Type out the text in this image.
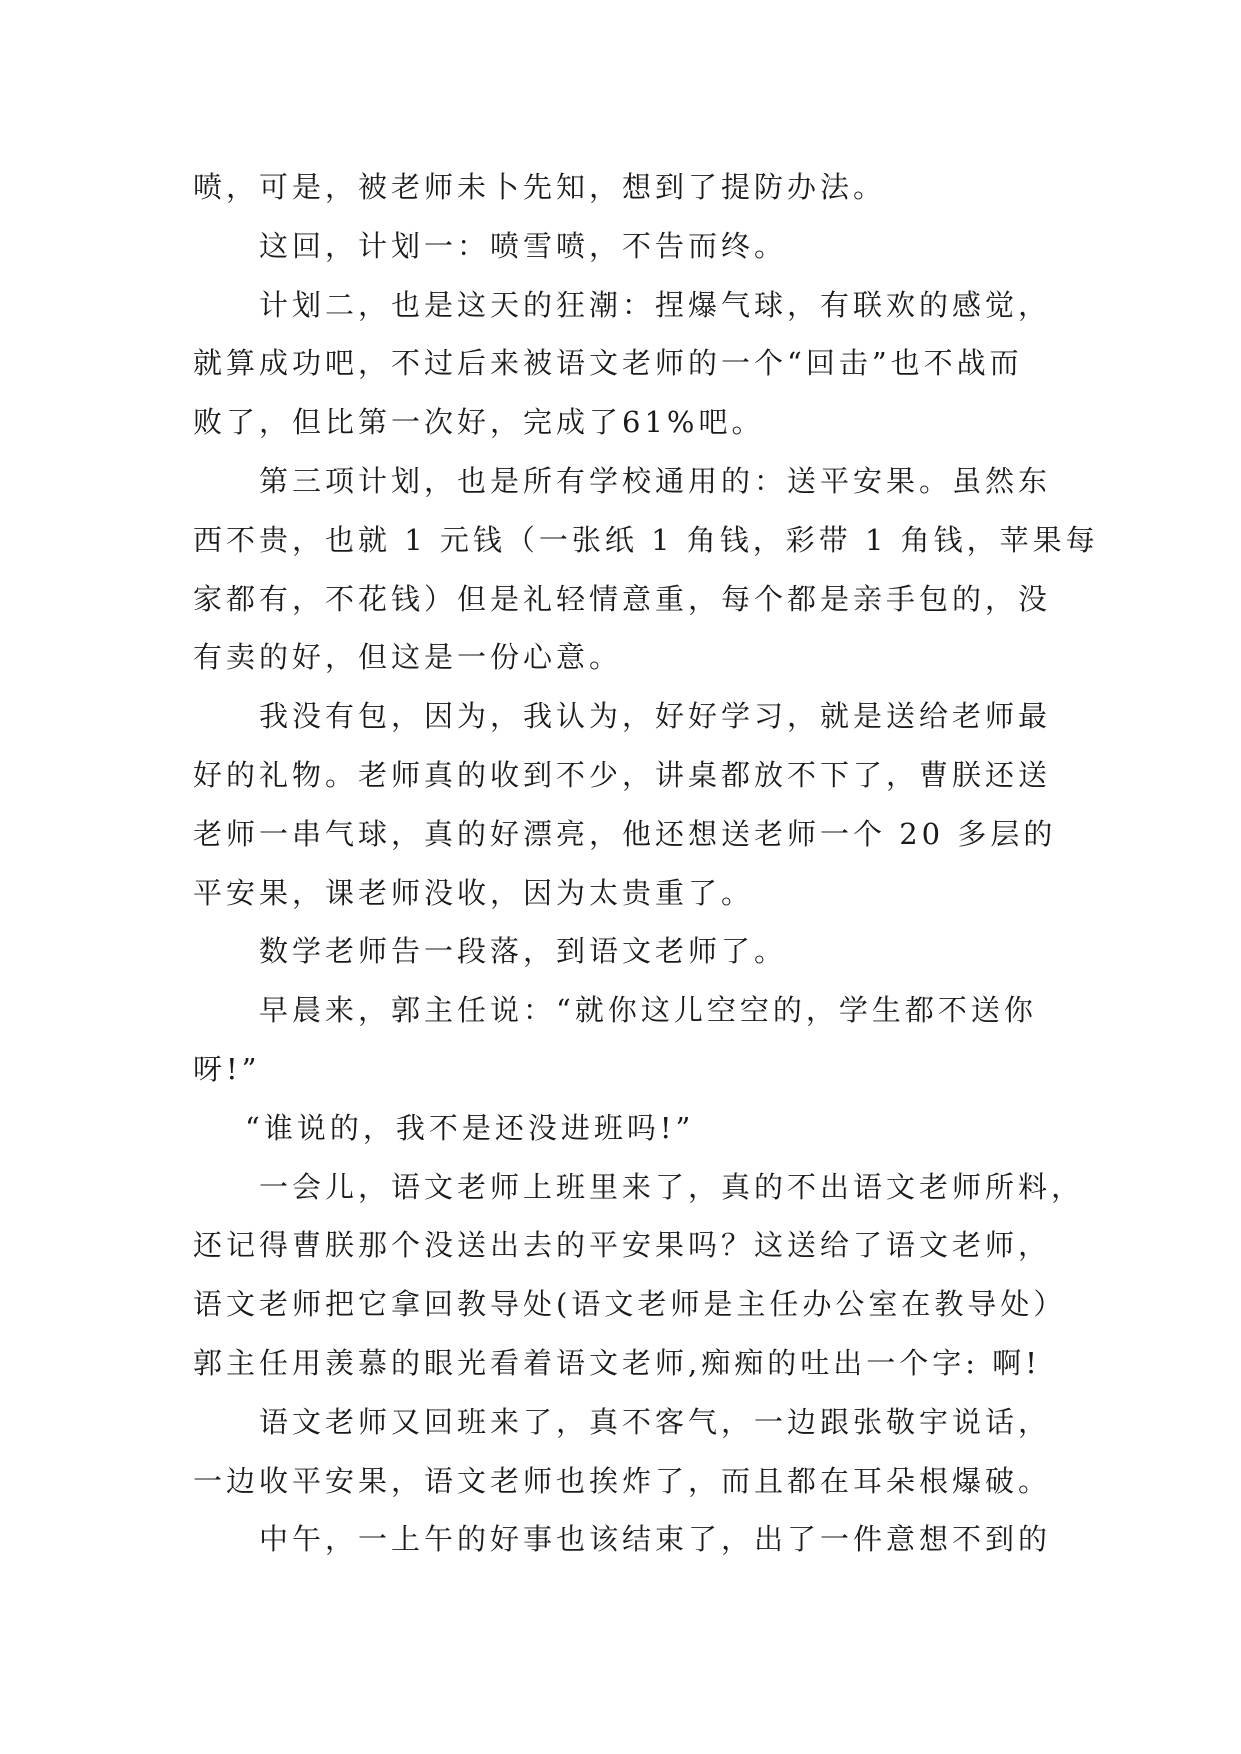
喷，可是，被老师未卜先知，想到了提防办法。
这回，计划一：喷雪喷，不告而终。
计划二，也是这天的狂潮：捏爆气球，有联欢的感觉，
就算成功吧，不过后来被语文老师的一个“回击”也不战而
败了，但比第一次好，完成了61%吧。
第三项计划，也是所有学校通用的：送平安果。虽然东
西不贵，也就 1 元钱（一张纸 1 角钱，彩带 1 角钱，苹果每
家都有，不花钱）但是礼轻情意重，每个都是亲手包的，没
有卖的好，但这是一份心意。
我没有包，因为，我认为，好好学习，就是送给老师最
好的礼物。老师真的收到不少，讲桌都放不下了，曹朕还送
老师一串气球，真的好漂亮，他还想送老师一个 20 多层的
平安果，课老师没收，因为太贵重了。
数学老师告一段落，到语文老师了。
早晨来，郭主任说：“就你这儿空空的，学生都不送你
呀!”
“谁说的，我不是还没进班吗!”
一会儿，语文老师上班里来了，真的不出语文老师所料，
还记得曹朕那个没送出去的平安果吗？这送给了语文老师，
语文老师把它拿回教导处(语文老师是主任办公室在教导处）
郭主任用羡慕的眼光看着语文老师,痴痴的吐出一个字: 啊!
语文老师又回班来了，真不客气，一边跟张敬宇说话，
一边收平安果，语文老师也挨炸了，而且都在耳朵根爆破。
中午，一上午的好事也该结束了，出了一件意想不到的
